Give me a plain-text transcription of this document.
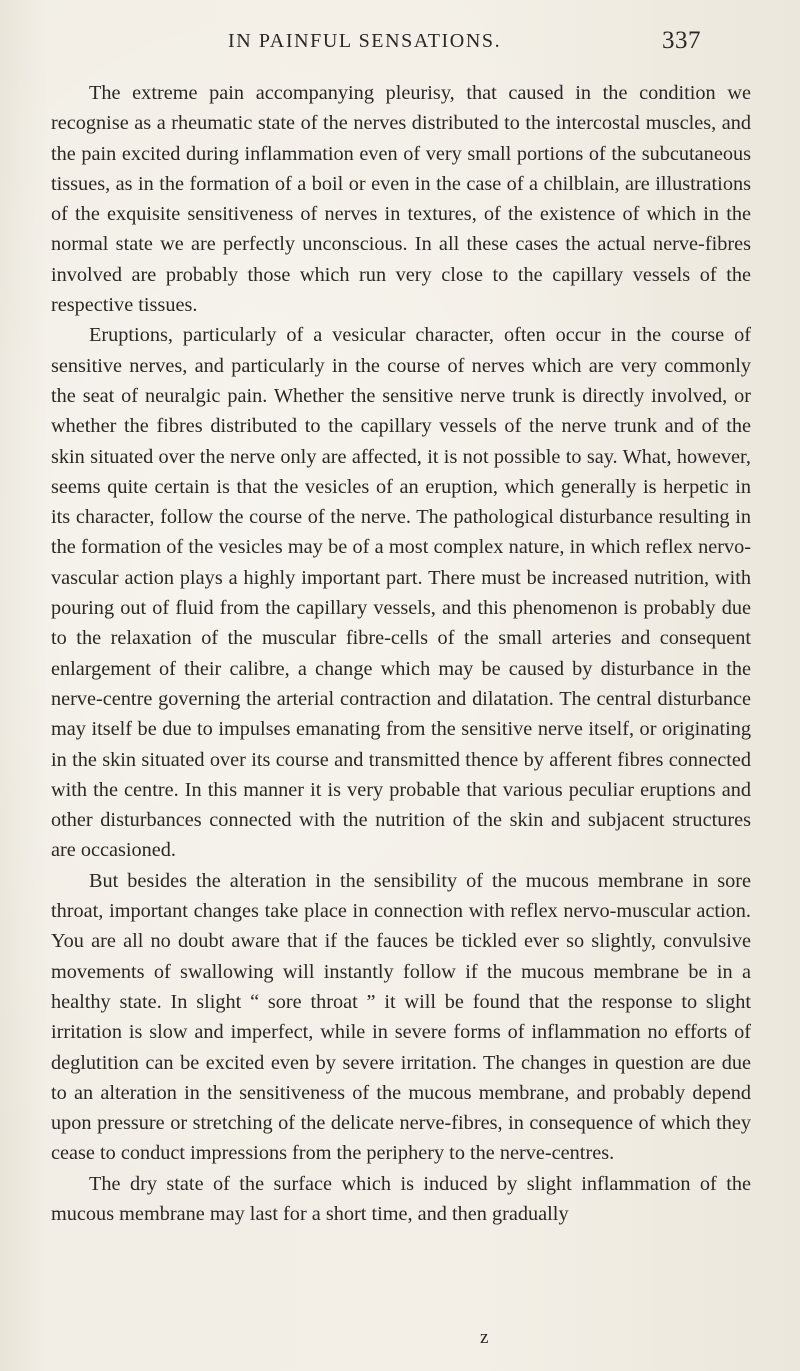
IN PAINFUL SENSATIONS.	337

The extreme pain accompanying pleurisy, that caused in the condition we recognise as a rheumatic state of the nerves distributed to the intercostal muscles, and the pain excited during inflammation even of very small portions of the subcutaneous tissues, as in the formation of a boil or even in the case of a chilblain, are illustrations of the exquisite sensitiveness of nerves in textures, of the existence of which in the normal state we are perfectly unconscious. In all these cases the actual nerve-fibres involved are probably those which run very close to the capillary vessels of the respective tissues.

Eruptions, particularly of a vesicular character, often occur in the course of sensitive nerves, and particularly in the course of nerves which are very commonly the seat of neuralgic pain. Whether the sensitive nerve trunk is directly involved, or whether the fibres distributed to the capillary vessels of the nerve trunk and of the skin situated over the nerve only are affected, it is not possible to say. What, however, seems quite certain is that the vesicles of an eruption, which generally is herpetic in its character, follow the course of the nerve. The pathological disturbance resulting in the formation of the vesicles may be of a most complex nature, in which reflex nervo-vascular action plays a highly important part. There must be increased nutrition, with pouring out of fluid from the capillary vessels, and this phenomenon is probably due to the relaxation of the muscular fibre-cells of the small arteries and consequent enlargement of their calibre, a change which may be caused by disturbance in the nerve-centre governing the arterial contraction and dilatation. The central disturbance may itself be due to impulses emanating from the sensitive nerve itself, or originating in the skin situated over its course and transmitted thence by afferent fibres connected with the centre. In this manner it is very probable that various peculiar eruptions and other disturbances connected with the nutrition of the skin and subjacent structures are occasioned.

But besides the alteration in the sensibility of the mucous membrane in sore throat, important changes take place in connection with reflex nervo-muscular action. You are all no doubt aware that if the fauces be tickled ever so slightly, convulsive movements of swallowing will instantly follow if the mucous membrane be in a healthy state. In slight “ sore throat ” it will be found that the response to slight irritation is slow and imperfect, while in severe forms of inflammation no efforts of deglutition can be excited even by severe irritation. The changes in question are due to an alteration in the sensitiveness of the mucous membrane, and probably depend upon pressure or stretching of the delicate nerve-fibres, in consequence of which they cease to conduct impressions from the periphery to the nerve-centres.

The dry state of the surface which is induced by slight inflammation of the mucous membrane may last for a short time, and then gradually

z
